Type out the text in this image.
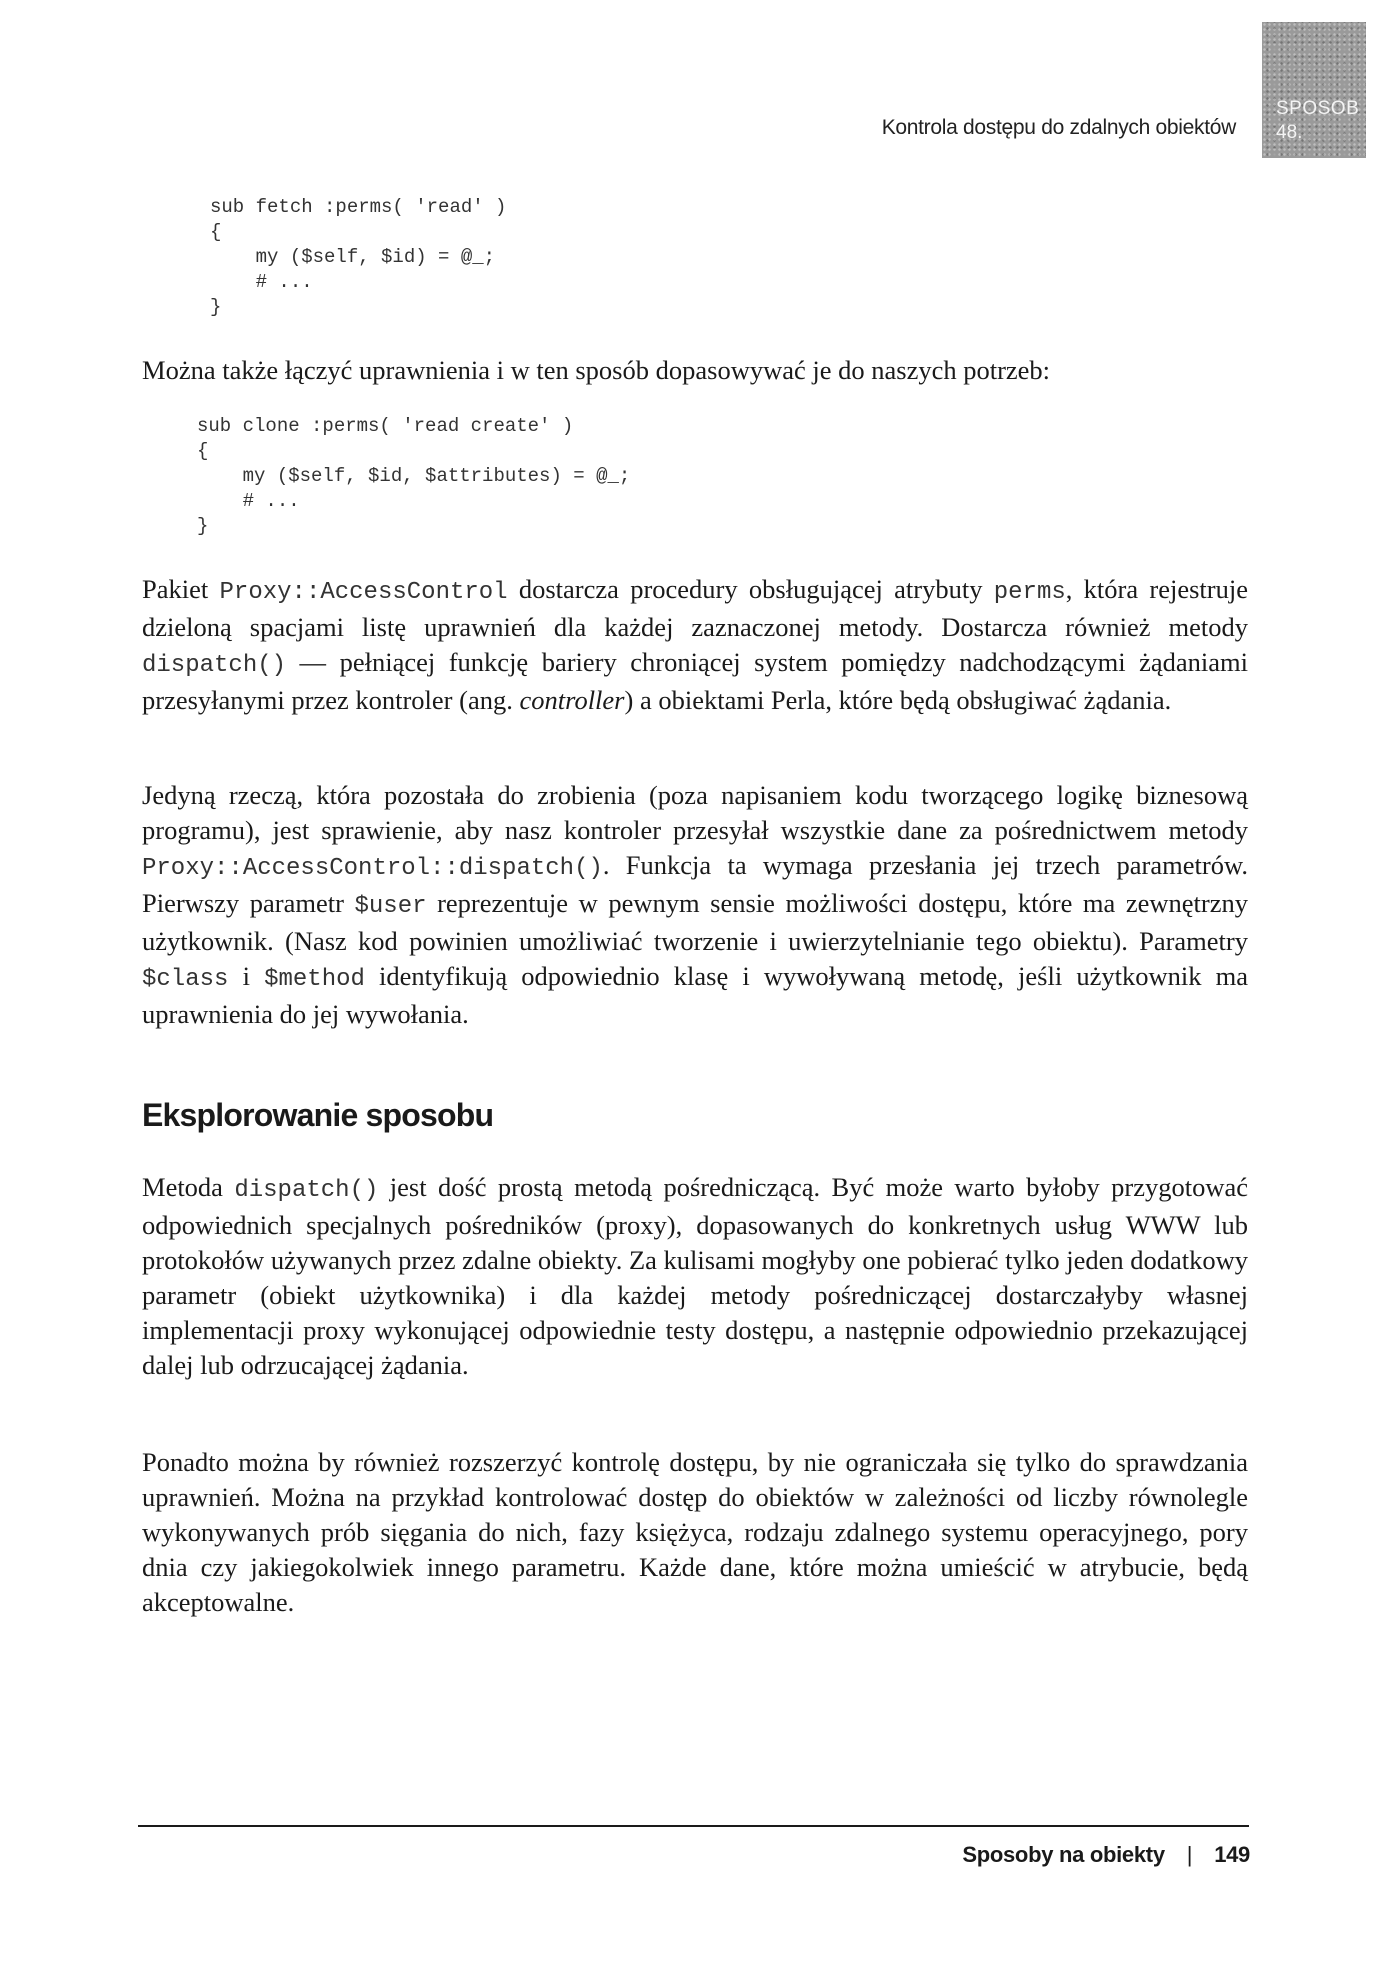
Kontrola dostępu do zdalnych obiektów
SPOSOB
48.
sub fetch :perms( 'read' )
{
my ($self, $id) = @_;
# ...
}

Można także łączyć uprawnienia i w ten sposób dopasowywać je do naszych potrzeb:

sub clone :perms( 'read create' )
{
my ($self, $id, $attributes) = @_;
# ...
}

Pakiet Proxy::AccessControl dostarcza procedury obsługującej atrybuty perms, która rejestruje dzieloną spacjami listę uprawnień dla każdej zaznaczonej metody. Dostarcza również metody dispatch() — pełniącej funkcję bariery chroniącej system pomiędzy nadchodzącymi żądaniami przesyłanymi przez kontroler (ang. controller) a obiektami Perla, które będą obsługiwać żądania.

Jedyną rzeczą, która pozostała do zrobienia (poza napisaniem kodu tworzącego logikę biznesową programu), jest sprawienie, aby nasz kontroler przesyłał wszystkie dane za pośrednictwem metody Proxy::AccessControl::dispatch(). Funkcja ta wymaga przesłania jej trzech parametrów. Pierwszy parametr $user reprezentuje w pewnym sensie możliwości dostępu, które ma zewnętrzny użytkownik. (Nasz kod powinien umożliwiać tworzenie i uwierzytelnianie tego obiektu). Parametry $class i $method identyfikują odpowiednio klasę i wywoływaną metodę, jeśli użytkownik ma uprawnienia do jej wywołania.

Eksplorowanie sposobu

Metoda dispatch() jest dość prostą metodą pośredniczącą. Być może warto byłoby przygotować odpowiednich specjalnych pośredników (proxy), dopasowanych do konkretnych usług WWW lub protokołów używanych przez zdalne obiekty. Za kulisami mogłyby one pobierać tylko jeden dodatkowy parametr (obiekt użytkownika) i dla każdej metody pośredniczącej dostarczałyby własnej implementacji proxy wykonującej odpowiednie testy dostępu, a następnie odpowiednio przekazującej dalej lub odrzucającej żądania.

Ponadto można by również rozszerzyć kontrolę dostępu, by nie ograniczała się tylko do sprawdzania uprawnień. Można na przykład kontrolować dostęp do obiektów w zależności od liczby równolegle wykonywanych prób sięgania do nich, fazy księżyca, rodzaju zdalnego systemu operacyjnego, pory dnia czy jakiegokolwiek innego parametru. Każde dane, które można umieścić w atrybucie, będą akceptowalne.

Sposoby na obiekty | 149
